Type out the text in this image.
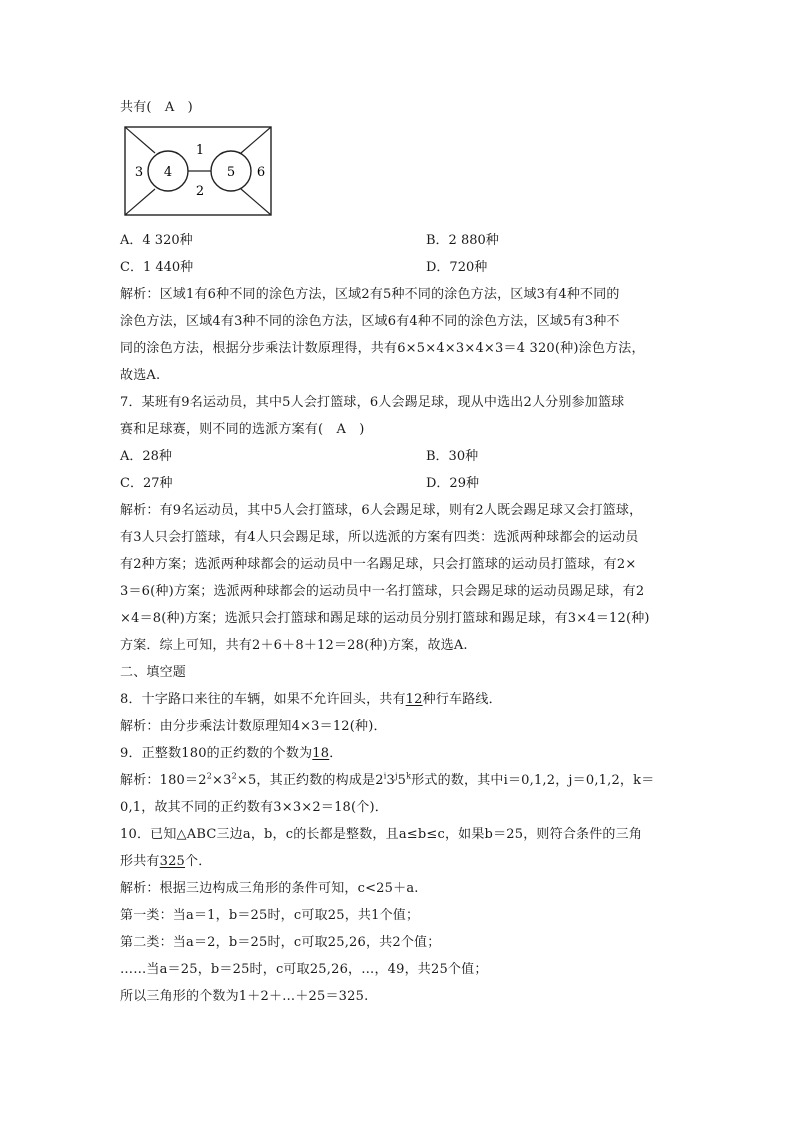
共有(　A　)
1
2
3 4	5 6
A．4 320种	B．2 880种
C．1 440种	D．720种
解析：区域1有6种不同的涂色方法，区域2有5种不同的涂色方法，区域3有4种不同的
涂色方法，区域4有3种不同的涂色方法，区域6有4种不同的涂色方法，区域5有3种不
同的涂色方法，根据分步乘法计数原理得，共有6×5×4×3×4×3＝4 320(种)涂色方法，
故选A.
7．某班有9名运动员，其中5人会打篮球，6人会踢足球，现从中选出2人分别参加篮球
赛和足球赛，则不同的选派方案有(　A　)
A．28种	B．30种
C．27种	D．29种
解析：有9名运动员，其中5人会打篮球，6人会踢足球，则有2人既会踢足球又会打篮球，
有3人只会打篮球，有4人只会踢足球，所以选派的方案有四类：选派两种球都会的运动员
有2种方案；选派两种球都会的运动员中一名踢足球，只会打篮球的运动员打篮球，有2×
3＝6(种)方案；选派两种球都会的运动员中一名打篮球，只会踢足球的运动员踢足球，有2
×4＝8(种)方案；选派只会打篮球和踢足球的运动员分别打篮球和踢足球，有3×4＝12(种)
方案．综上可知，共有2＋6＋8＋12＝28(种)方案，故选A.
二、填空题
8．十字路口来往的车辆，如果不允许回头，共有12种行车路线．
解析：由分步乘法计数原理知4×3＝12(种)．
9．正整数180的正约数的个数为18．
解析：$180=2^2\times 3^2\times 5$，其正约数的构成是2$^i$3$^j$5$^k$形式的数，其中i＝0,1,2，j＝0,1,2，k＝
0,1，故其不同的正约数有3×3×2＝18(个)．
10．已知△ABC三边a，b，c的长都是整数，且a≤b≤c，如果b＝25，则符合条件的三角
形共有325个．
解析：根据三边构成三角形的条件可知，c<25＋a.
第一类：当a＝1，b＝25时，c可取25，共1个值；
第二类：当a＝2，b＝25时，c可取25,26，共2个值；
……当a＝25，b＝25时，c可取25,26，…，49，共25个值；
所以三角形的个数为1＋2＋…＋25＝325.
